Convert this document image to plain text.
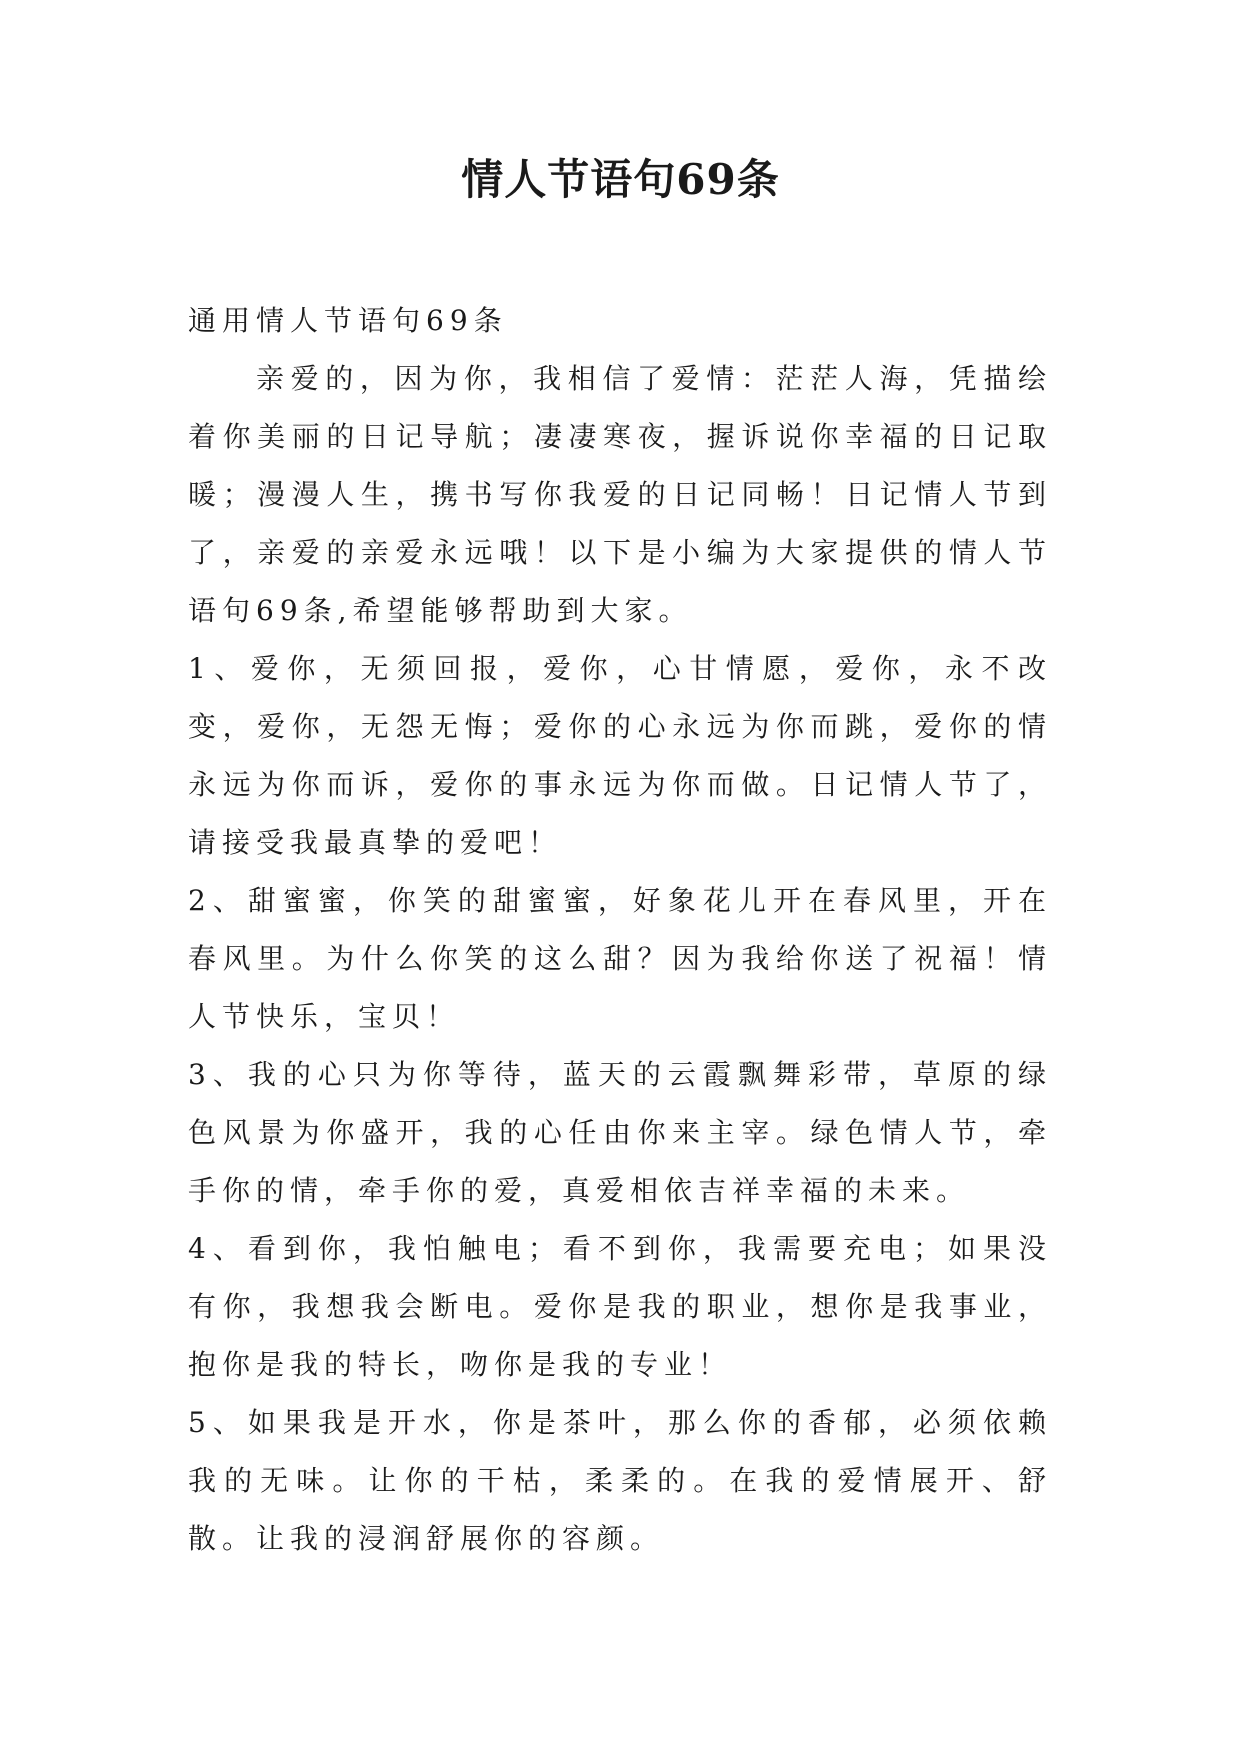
情人节语句69条

通用情人节语句69条

亲爱的，因为你，我相信了爱情：茫茫人海，凭描绘着你美丽的日记导航；凄凄寒夜，握诉说你幸福的日记取暖；漫漫人生，携书写你我爱的日记同畅！日记情人节到了，亲爱的亲爱永远哦！以下是小编为大家提供的情人节语句69条,希望能够帮助到大家。

1、爱你，无须回报，爱你，心甘情愿，爱你，永不改变，爱你，无怨无悔；爱你的心永远为你而跳，爱你的情永远为你而诉，爱你的事永远为你而做。日记情人节了，请接受我最真挚的爱吧！

2、甜蜜蜜，你笑的甜蜜蜜，好象花儿开在春风里，开在春风里。为什么你笑的这么甜？因为我给你送了祝福！情人节快乐，宝贝！

3、我的心只为你等待，蓝天的云霞飘舞彩带，草原的绿色风景为你盛开，我的心任由你来主宰。绿色情人节，牵手你的情，牵手你的爱，真爱相依吉祥幸福的未来。

4、看到你，我怕触电；看不到你，我需要充电；如果没有你，我想我会断电。爱你是我的职业，想你是我事业，抱你是我的特长，吻你是我的专业！

5、如果我是开水，你是茶叶，那么你的香郁，必须依赖我的无味。让你的干枯，柔柔的。在我的爱情展开、舒散。让我的浸润舒展你的容颜。
